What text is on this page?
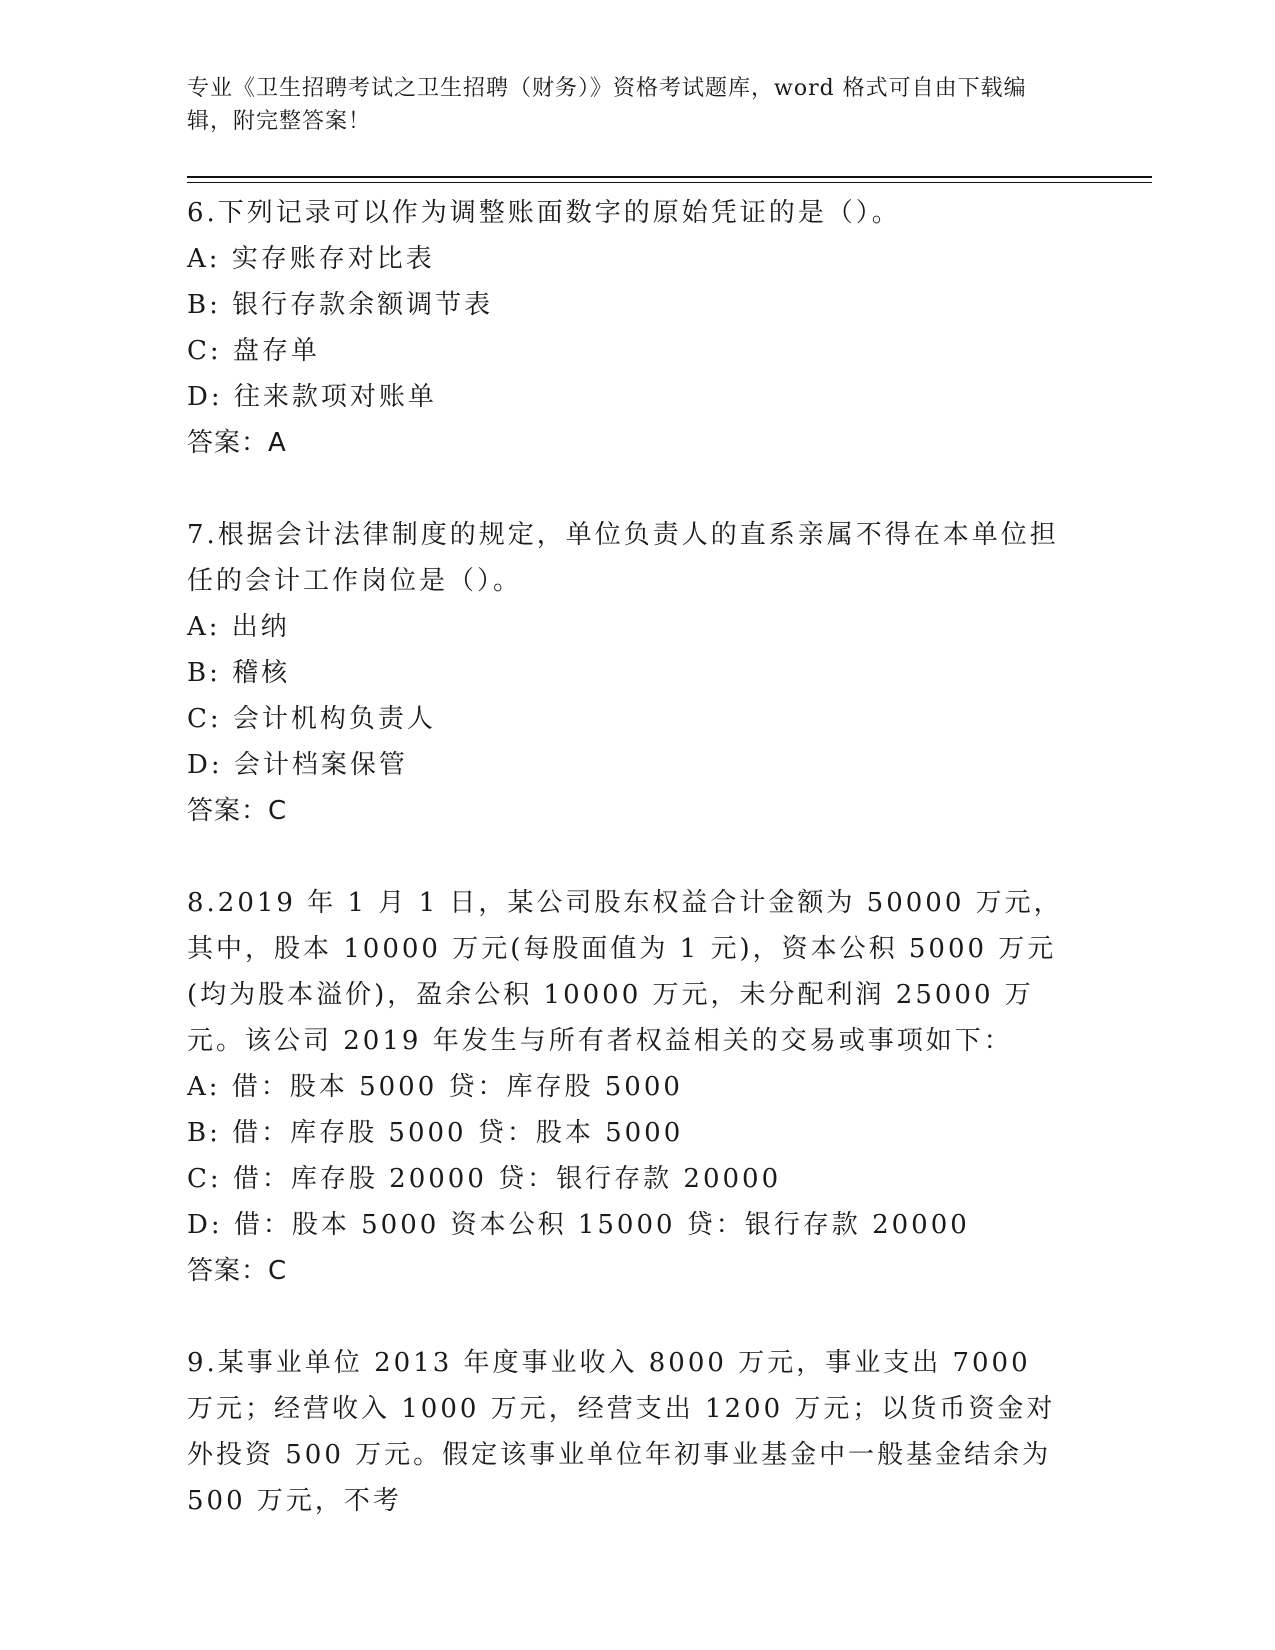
专业《卫生招聘考试之卫生招聘（财务）》资格考试题库，word 格式可自由下载编辑，附完整答案！

6.下列记录可以作为调整账面数字的原始凭证的是（）。

A: 实存账存对比表

B: 银行存款余额调节表

C: 盘存单

D: 往来款项对账单

答案：A

7.根据会计法律制度的规定，单位负责人的直系亲属不得在本单位担任的会计工作岗位是（）。

A: 出纳

B: 稽核

C: 会计机构负责人

D: 会计档案保管

答案：C

8.2019 年 1 月 1 日，某公司股东权益合计金额为 50000 万元，其中，股本 10000 万元(每股面值为 1 元)，资本公积 5000 万元(均为股本溢价)，盈余公积 10000 万元，未分配利润 25000 万元。该公司 2019 年发生与所有者权益相关的交易或事项如下：

A: 借：股本 5000 贷：库存股 5000

B: 借：库存股 5000 贷：股本 5000

C: 借：库存股 20000 贷：银行存款 20000

D: 借：股本 5000 资本公积 15000 贷：银行存款 20000

答案：C

9.某事业单位 2013 年度事业收入 8000 万元，事业支出 7000 万元；经营收入 1000 万元，经营支出 1200 万元；以货币资金对外投资 500 万元。假定该事业单位年初事业基金中一般基金结余为 500 万元，不考
